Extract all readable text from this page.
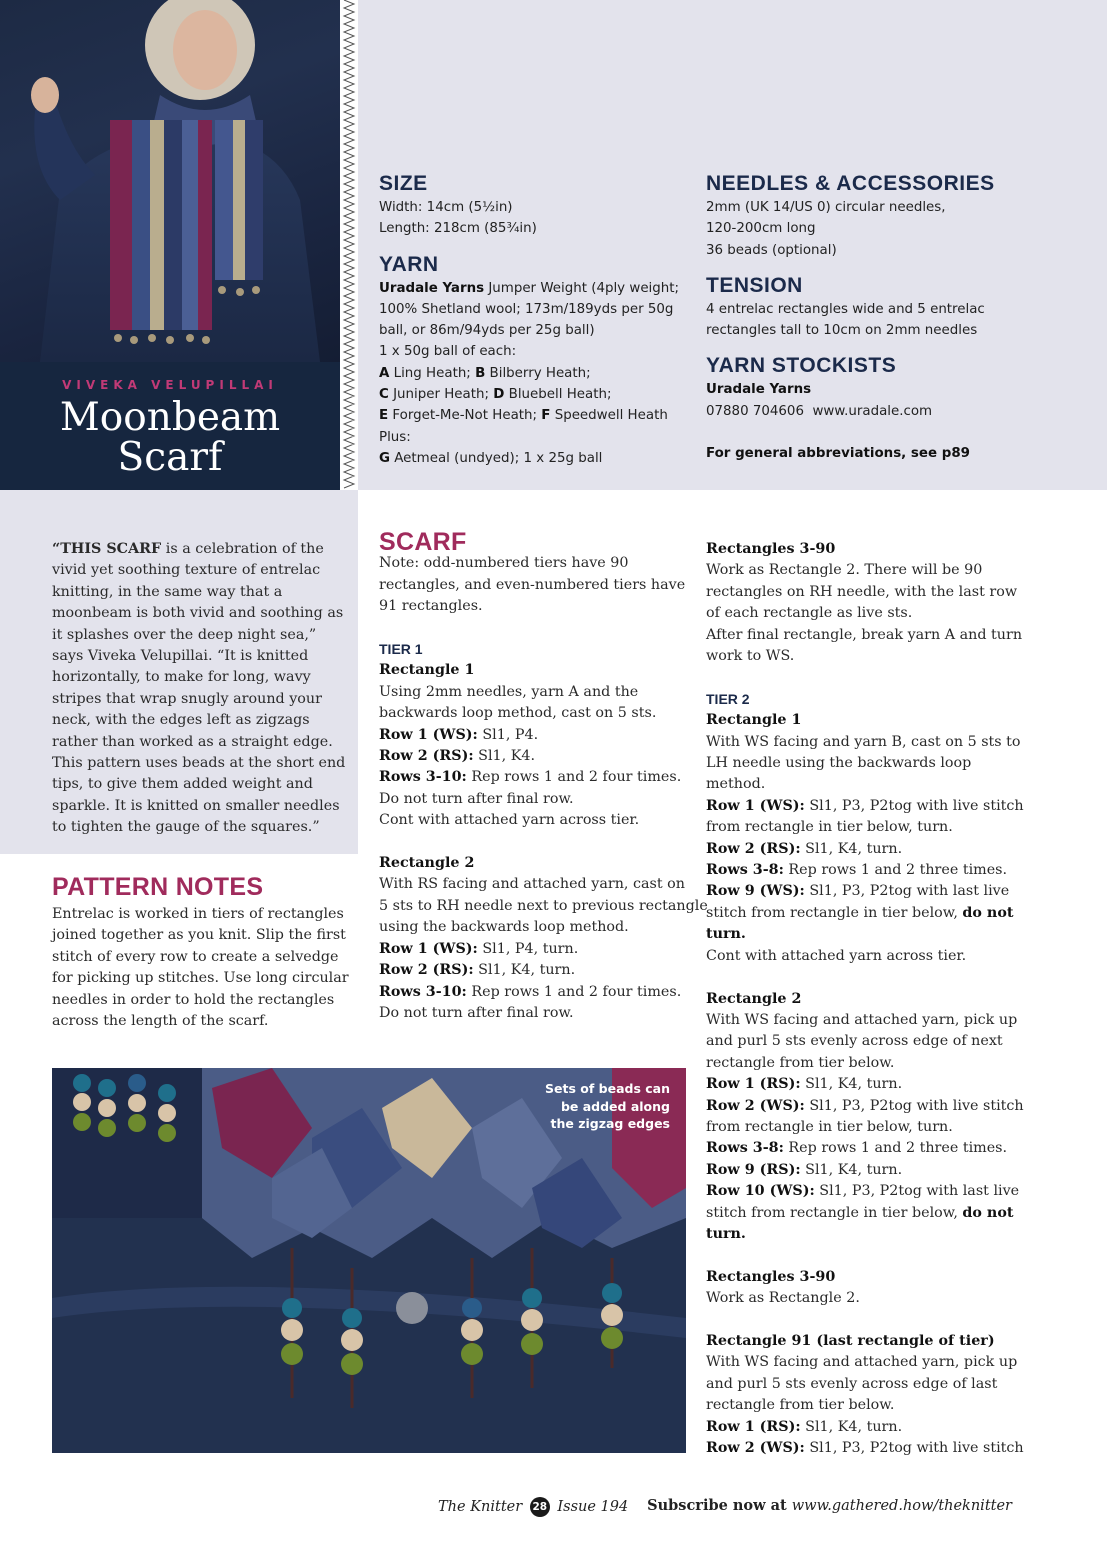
VIVEKA VELUPILLAI
Moonbeam
Scarf
SIZE

Width: 14cm (5½in)

Length: 218cm (85¾in)

YARN

Uradale Yarns Jumper Weight (4ply weight;

100% Shetland wool; 173m/189yds per 50g

ball, or 86m/94yds per 25g ball)

1 x 50g ball of each:

A Ling Heath; B Bilberry Heath;

C Juniper Heath; D Bluebell Heath;

E Forget-Me-Not Heath; F Speedwell Heath

Plus:

G Aetmeal (undyed); 1 x 25g ball

NEEDLES & ACCESSORIES

2mm (UK 14/US 0) circular needles,

120-200cm long

36 beads (optional)

TENSION

4 entrelac rectangles wide and 5 entrelac

rectangles tall to 10cm on 2mm needles

YARN STOCKISTS

Uradale Yarns

07880 704606  www.uradale.com

For general abbreviations, see p89

“THIS SCARF is a celebration of the vivid yet soothing texture of entrelac knitting, in the same way that a moonbeam is both vivid and soothing as it splashes over the deep night sea,” says Viveka Velupillai. “It is knitted horizontally, to make for long, wavy stripes that wrap snugly around your neck, with the edges left as zigzags rather than worked as a straight edge. This pattern uses beads at the short end tips, to give them added weight and sparkle. It is knitted on smaller needles to tighten the gauge of the squares.”
PATTERN NOTES
Entrelac is worked in tiers of rectangles joined together as you knit. Slip the first stitch of every row to create a selvedge for picking up stitches. Use long circular needles in order to hold the rectangles across the length of the scarf.
SCARF

Note: odd-numbered tiers have 90 rectangles, and even-numbered tiers have 91 rectangles.

TIER 1

Rectangle 1

Using 2mm needles, yarn A and the

backwards loop method, cast on 5 sts.

Row 1 (WS): Sl1, P4.

Row 2 (RS): Sl1, K4.

Rows 3-10: Rep rows 1 and 2 four times.

Do not turn after final row.

Cont with attached yarn across tier.

Rectangle 2

With RS facing and attached yarn, cast on

5 sts to RH needle next to previous rectangle

using the backwards loop method.

Row 1 (WS): Sl1, P4, turn.

Row 2 (RS): Sl1, K4, turn.

Rows 3-10: Rep rows 1 and 2 four times.

Do not turn after final row.

Rectangles 3-90

Work as Rectangle 2. There will be 90

rectangles on RH needle, with the last row

of each rectangle as live sts.

After final rectangle, break yarn A and turn

work to WS.

TIER 2

Rectangle 1

With WS facing and yarn B, cast on 5 sts to

LH needle using the backwards loop

method.

Row 1 (WS): Sl1, P3, P2tog with live stitch

from rectangle in tier below, turn.

Row 2 (RS): Sl1, K4, turn.

Rows 3-8: Rep rows 1 and 2 three times.

Row 9 (WS): Sl1, P3, P2tog with last live

stitch from rectangle in tier below, do not

turn.

Cont with attached yarn across tier.

Rectangle 2

With WS facing and attached yarn, pick up

and purl 5 sts evenly across edge of next

rectangle from tier below.

Row 1 (RS): Sl1, K4, turn.

Row 2 (WS): Sl1, P3, P2tog with live stitch

from rectangle in tier below, turn.

Rows 3-8: Rep rows 1 and 2 three times.

Row 9 (RS): Sl1, K4, turn.

Row 10 (WS): Sl1, P3, P2tog with last live

stitch from rectangle in tier below, do not

turn.

Rectangles 3-90

Work as Rectangle 2.

Rectangle 91 (last rectangle of tier)

With WS facing and attached yarn, pick up

and purl 5 sts evenly across edge of last

rectangle from tier below.

Row 1 (RS): Sl1, K4, turn.

Row 2 (WS): Sl1, P3, P2tog with live stitch

Sets of beads can
be added along
the zigzag edges
The Knitter 28 Issue 194 Subscribe now at www.gathered.how/theknitter
